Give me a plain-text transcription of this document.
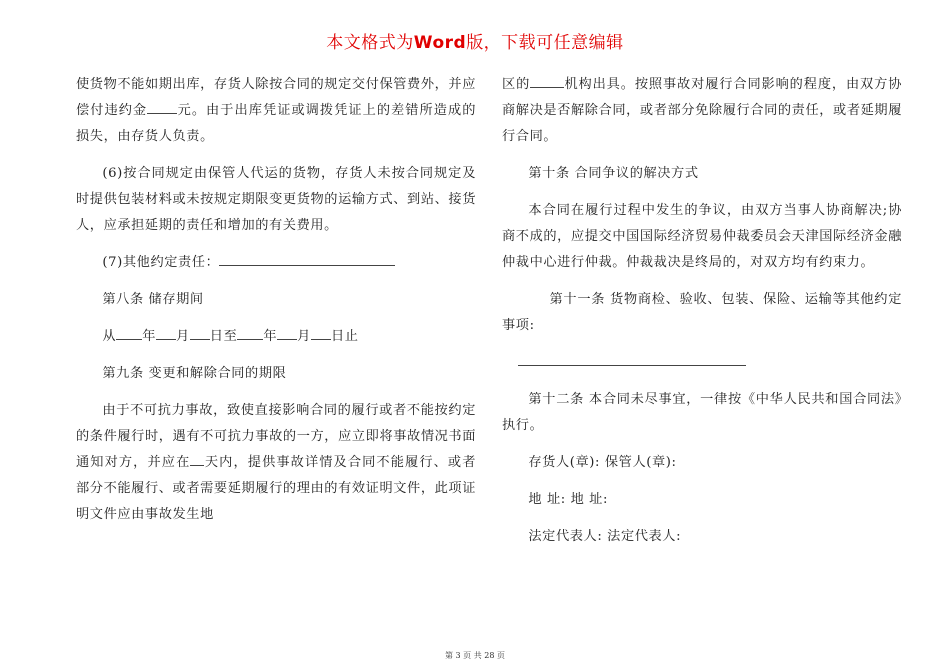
本文格式为Word版，下载可任意编辑

使货物不能如期出库，存货人除按合同的规定交付保管费外，并应偿付违约金 元。由于出库凭证或调拨凭证上的差错所造成的损失，由存货人负责。

(6)按合同规定由保管人代运的货物，存货人未按合同规定及时提供包装材料或未按规定期限变更货物的运输方式、到站、接货人，应承担延期的责任和增加的有关费用。

(7)其他约定责任：

第八条 储存期间

从 年 月 日至 年 月 日止

第九条 变更和解除合同的期限

由于不可抗力事故，致使直接影响合同的履行或者不能按约定的条件履行时，遇有不可抗力事故的一方，应立即将事故情况书面通知对方，并应在 天内，提供事故详情及合同不能履行、或者部分不能履行、或者需要延期履行的理由的有效证明文件，此项证明文件应由事故发生地

区的	机构出具。按照事故对履行合同影响的程度，由双方协商解决是否解除合同，或者部分免除履行合同的责任，或者延期履行合同。

第十条 合同争议的解决方式

本合同在履行过程中发生的争议，由双方当事人协商解决;协商不成的，应提交中国国际经济贸易仲裁委员会天津国际经济金融仲裁中心进行仲裁。仲裁裁决是终局的，对双方均有约束力。

第十一条 货物商检、验收、包装、保险、运输等其他约定事项:

第十二条 本合同未尽事宜，一律按《中华人民共和国合同法》执行。

存货人(章): 保管人(章):

地 址: 地 址:

法定代表人: 法定代表人:

第 3 页 共 28 页
